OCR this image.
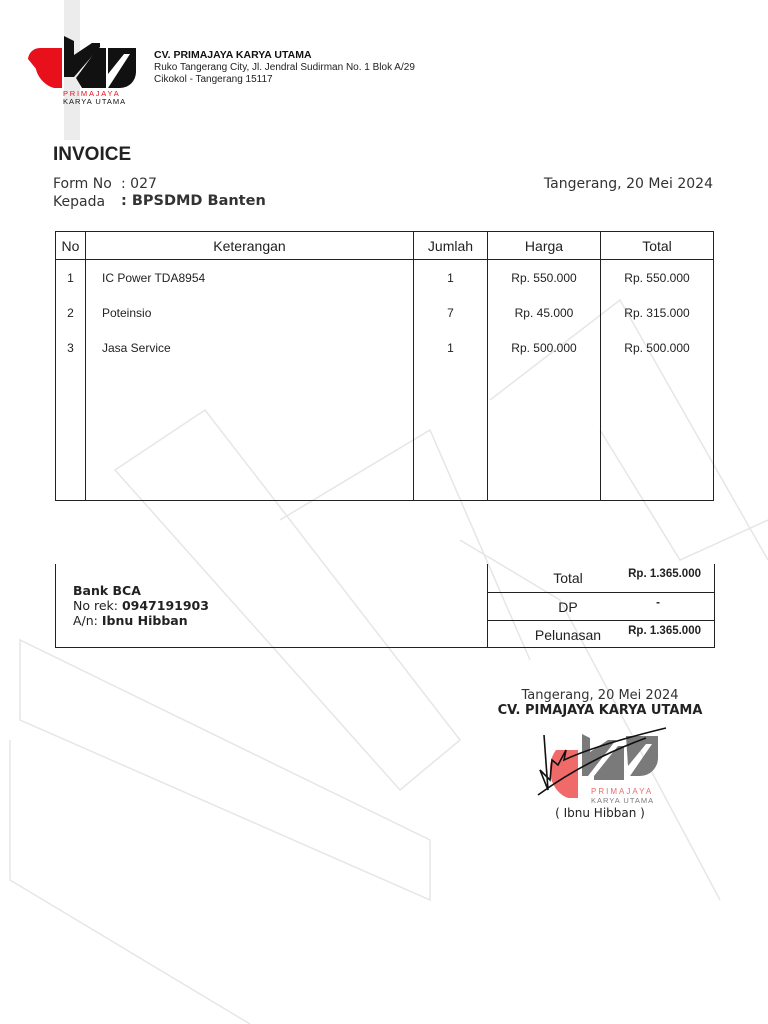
PRIMAJAYA
KARYA UTAMA
CV. PRIMAJAYA KARYA UTAMA
Ruko Tangerang City, Jl. Jendral Sudirman No. 1 Blok A/29
Cikokol - Tangerang 15117
INVOICE
Form No : 027
Kepada : BPSDMD Banten
Tangerang, 20 Mei 2024
No	Keterangan	Jumlah	Harga	Total
1	IC Power TDA8954	1	Rp. 550.000	Rp. 550.000
2	Poteinsio	7	Rp. 45.000	Rp. 315.000
3	Jasa Service	1	Rp. 500.000	Rp. 500.000

Bank BCA
No rek: 0947191903
A/n: Ibnu Hibban
Total	Rp. 1.365.000
DP	-
Pelunasan	Rp. 1.365.000
Tangerang, 20 Mei 2024
CV. PIMAJAYA KARYA UTAMA
PRIMAJAYA
KARYA UTAMA
( Ibnu Hibban )
